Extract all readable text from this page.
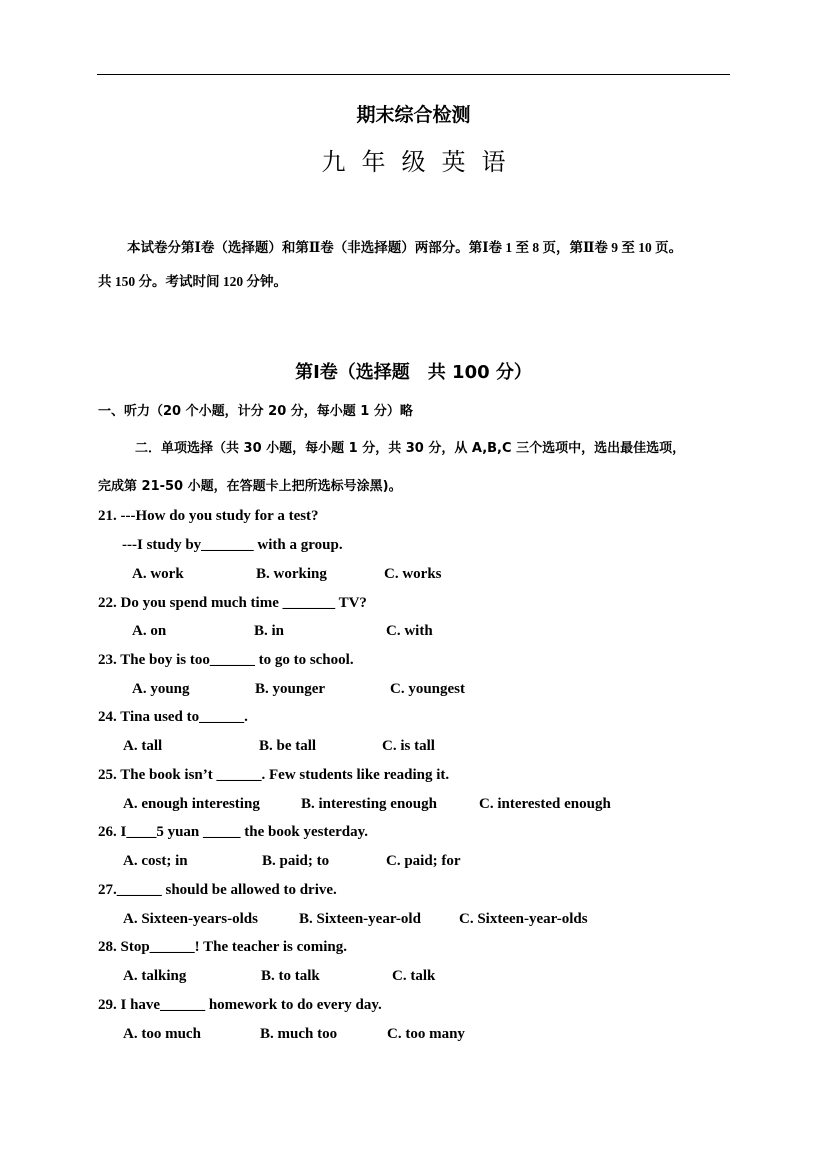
期末综合检测
九年级英语
本试卷分第Ⅰ卷（选择题）和第Ⅱ卷（非选择题）两部分。第Ⅰ卷 1 至 8 页，第Ⅱ卷 9 至 10 页。
共 150 分。考试时间 120 分钟。
第Ⅰ卷（选择题　共 100 分）
一、听力（20 个小题，计分 20 分，每小题 1 分）略
二．单项选择（共 30 小题，每小题 1 分，共 30 分，从 A,B,C 三个选项中，选出最佳选项，
完成第 21-50 小题，在答题卡上把所选标号涂黑)。
21. ---How do you study for a test?
---I study by_______ with a group.
A. work	B. working	C. works
22. Do you spend much time _______ TV?
A. on	B. in	C. with
23. The boy is too______ to go to school.
A. young	B. younger	C. youngest
24. Tina used to______.
A. tall	B. be tall	C. is tall
25. The book isn’t ______. Few students like reading it.
A. enough interesting	B. interesting enough	C. interested enough
26. I____5 yuan _____ the book yesterday.
A. cost; in	B. paid; to	C. paid; for
27.______ should be allowed to drive.
A. Sixteen-years-olds	B. Sixteen-year-old	C. Sixteen-year-olds
28. Stop______! The teacher is coming.
A. talking	B. to talk	C. talk
29. I have______ homework to do every day.
A. too much	B. much too	C. too many
